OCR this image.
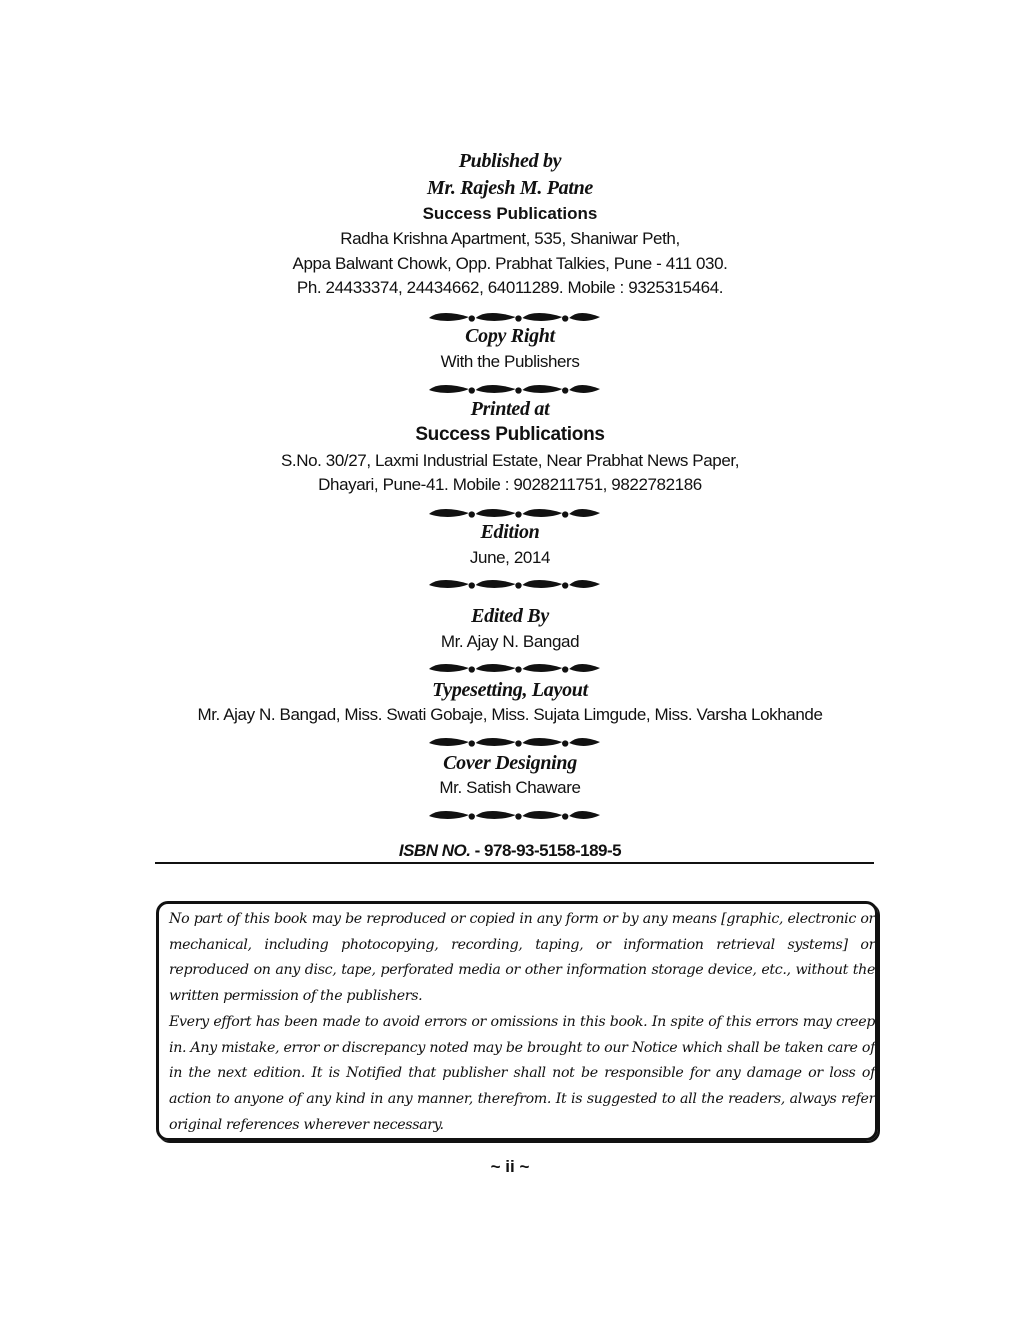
Published by
Mr. Rajesh M. Patne
Success Publications
Radha Krishna Apartment, 535, Shaniwar Peth,
Appa Balwant Chowk, Opp. Prabhat Talkies, Pune - 411 030.
Ph. 24433374, 24434662, 64011289. Mobile : 9325315464.
Copy Right
With the Publishers
Printed at
Success Publications
S.No. 30/27, Laxmi Industrial Estate, Near Prabhat News Paper,
Dhayari, Pune-41. Mobile : 9028211751, 9822782186
Edition
June, 2014
Edited By
Mr. Ajay N. Bangad
Typesetting, Layout
Mr. Ajay N. Bangad, Miss. Swati Gobaje, Miss. Sujata Limgude, Miss. Varsha Lokhande
Cover Designing
Mr. Satish Chaware
ISBN NO. - 978-93-5158-189-5

No part of this book may be reproduced or copied in any form or by any means [graphic, electronic or mechanical, including photocopying, recording, taping, or information retrieval systems] or reproduced on any disc, tape, perforated media or other information storage device, etc., without the written permission of the publishers.

Every effort has been made to avoid errors or omissions in this book. In spite of this errors may creep in. Any mistake, error or discrepancy noted may be brought to our Notice which shall be taken care of in the next edition. It is Notified that publisher shall not be responsible for any damage or loss of action to anyone of any kind in any manner, therefrom. It is suggested to all the readers, always refer original references wherever necessary.

~ ii ~
